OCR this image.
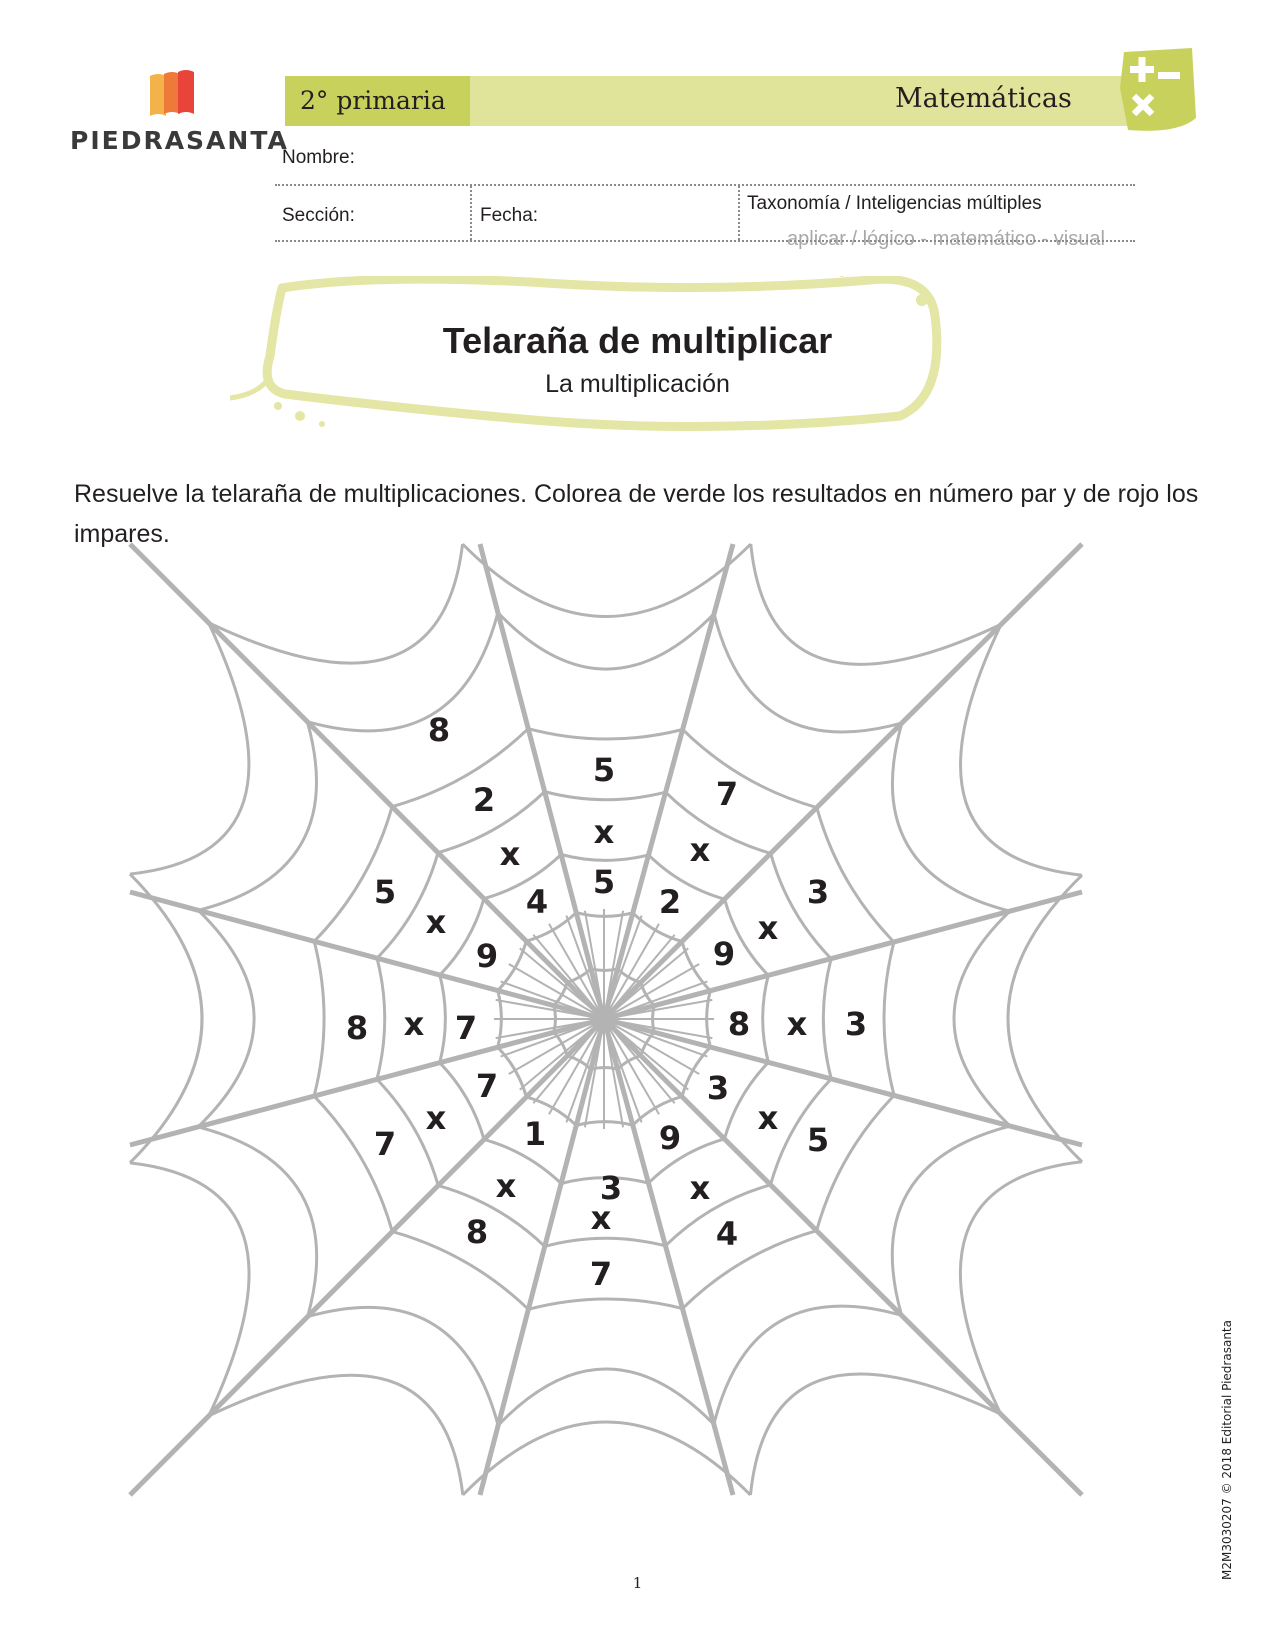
PIEDRASANTA
2° primaria	Matemáticas
Nombre:
Sección:	Fecha:
Taxonomía / Inteligencias múltiples
aplicar / lógico - matemático - visual
Telaraña de multiplicar
La multiplicación
Resuelve la telaraña de multiplicaciones. Colorea de verde los resultados en número par y de rojo los impares.
8
2
x
4
5
x
5
7
x
2	3
x
9
5
x
9
8	x 7	3
x
8
7
x
7
3
x
5
9
x
4
1
x
8
3
x
7
M2M3030207 © 2018 Editorial Piedrasanta
1
